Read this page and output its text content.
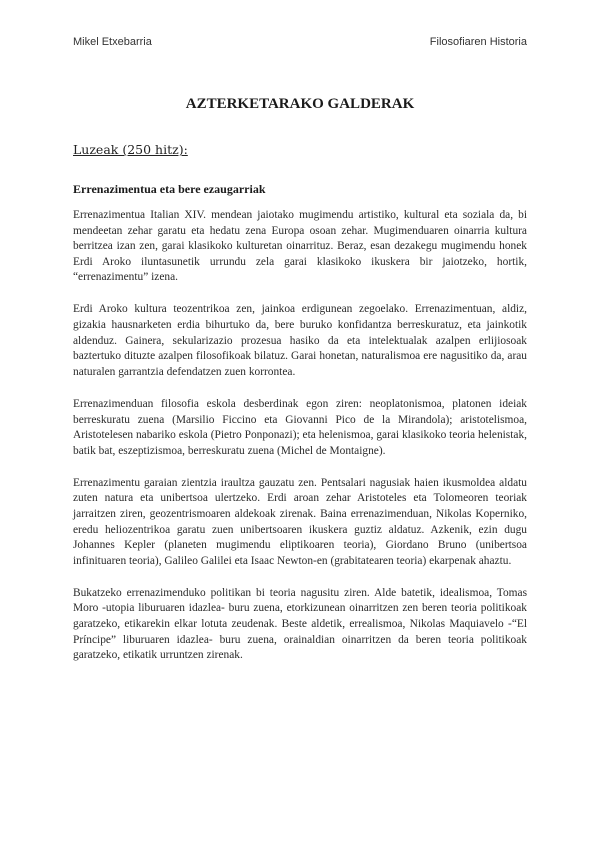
Mikel Etxebarria	Filosofiaren Historia
AZTERKETARAKO GALDERAK
Luzeak (250 hitz):
Errenazimentua eta bere ezaugarriak

Errenazimentua Italian XIV. mendean jaiotako mugimendu artistiko, kultural eta soziala da, bi mendeetan zehar garatu eta hedatu zena Europa osoan zehar. Mugimenduaren oinarria kultura berritzea izan zen, garai klasikoko kulturetan oinarrituz. Beraz, esan dezakegu mugimendu honek Erdi Aroko iluntasunetik urrundu zela garai klasikoko ikuskera bir jaiotzeko, hortik, “errenazimentu” izena.

Erdi Aroko kultura teozentrikoa zen, jainkoa erdigunean zegoelako. Errenazimentuan, aldiz, gizakia hausnarketen erdia bihurtuko da, bere buruko konfidantza berreskuratuz, eta jainkotik aldenduz. Gainera, sekularizazio prozesua hasiko da eta intelektualak azalpen erlijiosoak baztertuko dituzte azalpen filosofikoak bilatuz. Garai honetan, naturalismoa ere nagusitiko da, arau naturalen garrantzia defendatzen zuen korrontea.

Errenazimenduan filosofia eskola desberdinak egon ziren: neoplatonismoa, platonen ideiak berreskuratu zuena (Marsilio Ficcino eta Giovanni Pico de la Mirandola); aristotelismoa, Aristotelesen nabariko eskola (Pietro Ponponazi); eta helenismoa, garai klasikoko teoria helenistak, batik bat, eszeptizismoa, berreskuratu zuena (Michel de Montaigne).

Errenazimentu garaian zientzia iraultza gauzatu zen. Pentsalari nagusiak haien ikusmoldea aldatu zuten natura eta unibertsoa ulertzeko. Erdi aroan zehar Aristoteles eta Tolomeoren teoriak jarraitzen ziren, geozentrismoaren aldekoak zirenak. Baina errenazimenduan, Nikolas Koperniko, eredu heliozentrikoa garatu zuen unibertsoaren ikuskera guztiz aldatuz. Azkenik, ezin dugu Johannes Kepler (planeten mugimendu eliptikoaren teoria), Giordano Bruno (unibertsoa infinituaren teoria), Galileo Galilei eta Isaac Newton-en (grabitatearen teoria) ekarpenak ahaztu.

Bukatzeko errenazimenduko politikan bi teoria nagusitu ziren. Alde batetik, idealismoa, Tomas Moro -utopia liburuaren idazlea- buru zuena, etorkizunean oinarritzen zen beren teoria politikoak garatzeko, etikarekin elkar lotuta zeudenak. Beste aldetik, errealismoa, Nikolas Maquiavelo -“El Príncipe” liburuaren idazlea- buru zuena, orainaldian oinarritzen da beren teoria politikoak garatzeko, etikatik urruntzen zirenak.
